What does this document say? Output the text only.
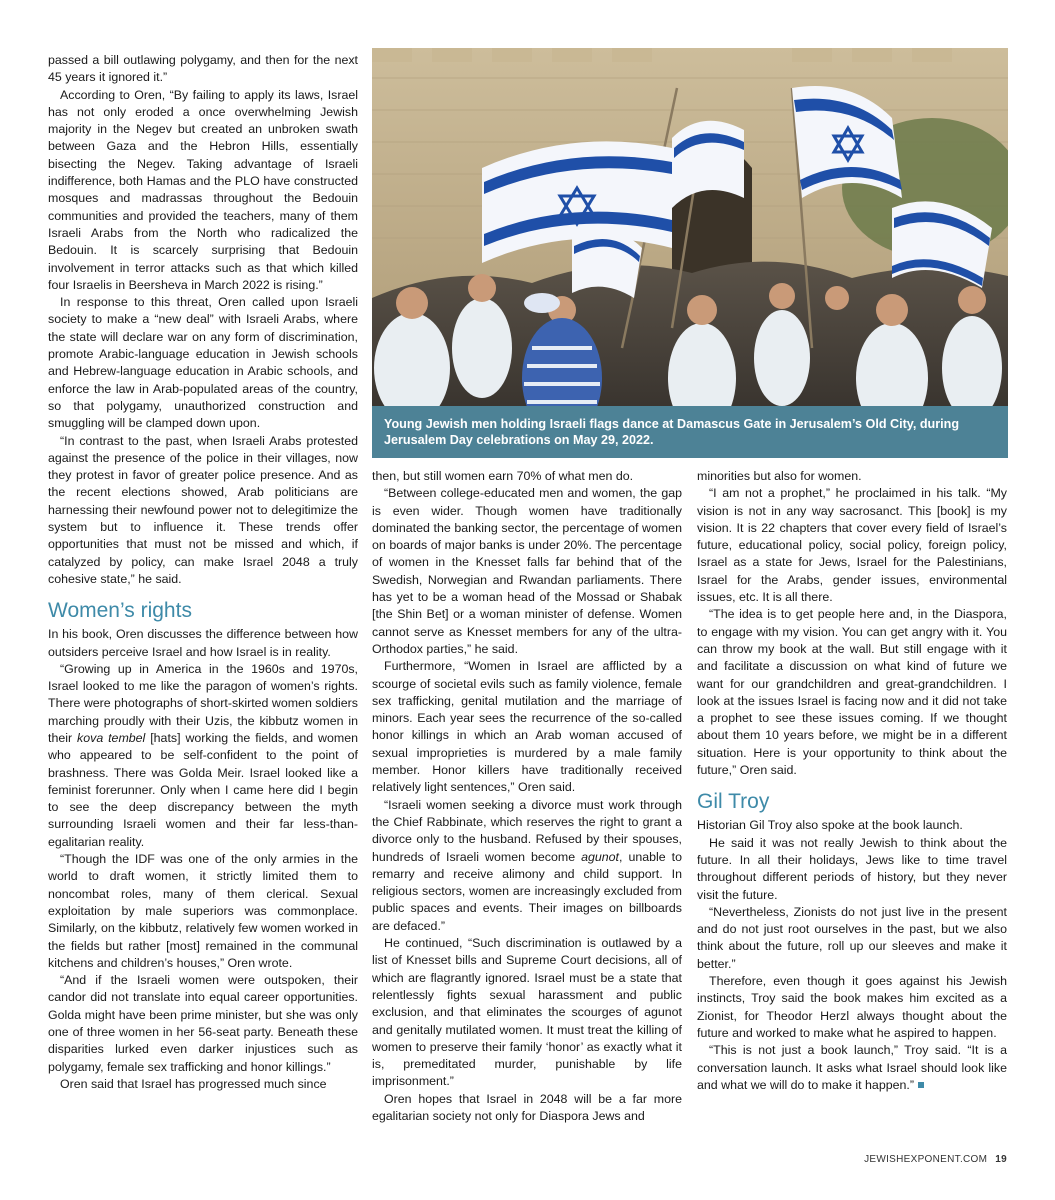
passed a bill outlawing polygamy, and then for the next 45 years it ignored it.”

According to Oren, “By failing to apply its laws, Israel has not only eroded a once overwhelming Jewish majority in the Negev but created an unbroken swath between Gaza and the Hebron Hills, essentially bisecting the Negev. Taking advantage of Israeli indifference, both Hamas and the PLO have constructed mosques and madrassas throughout the Bedouin communities and provided the teachers, many of them Israeli Arabs from the North who radicalized the Bedouin. It is scarcely surprising that Bedouin involvement in terror attacks such as that which killed four Israelis in Beersheva in March 2022 is rising.”

In response to this threat, Oren called upon Israeli society to make a “new deal” with Israeli Arabs, where the state will declare war on any form of discrimination, promote Arabic-language education in Jewish schools and Hebrew-language education in Arabic schools, and enforce the law in Arab-populated areas of the country, so that polygamy, unauthorized construction and smuggling will be clamped down upon.

“In contrast to the past, when Israeli Arabs protested against the presence of the police in their villages, now they protest in favor of greater police presence. And as the recent elections showed, Arab politicians are harnessing their newfound power not to delegitimize the system but to influence it. These trends offer opportunities that must not be missed and which, if catalyzed by policy, can make Israel 2048 a truly cohesive state,” he said.

Women’s rights

In his book, Oren discusses the difference between how outsiders perceive Israel and how Israel is in reality.

“Growing up in America in the 1960s and 1970s, Israel looked to me like the paragon of women’s rights. There were photographs of short-skirted women soldiers marching proudly with their Uzis, the kibbutz women in their kova tembel [hats] working the fields, and women who appeared to be self-confident to the point of brashness. There was Golda Meir. Israel looked like a feminist forerunner. Only when I came here did I begin to see the deep discrepancy between the myth surrounding Israeli women and their far less-than-egalitarian reality.

“Though the IDF was one of the only armies in the world to draft women, it strictly limited them to noncombat roles, many of them clerical. Sexual exploitation by male superiors was commonplace. Similarly, on the kibbutz, relatively few women worked in the fields but rather [most] remained in the communal kitchens and children’s houses,” Oren wrote.

“And if the Israeli women were outspoken, their candor did not translate into equal career opportunities. Golda might have been prime minister, but she was only one of three women in her 56-seat party. Beneath these disparities lurked even darker injustices such as polygamy, female sex trafficking and honor killings.”

Oren said that Israel has progressed much since

Young Jewish men holding Israeli flags dance at Damascus Gate in Jerusalem’s Old City, during Jerusalem Day celebrations on May 29, 2022.

then, but still women earn 70% of what men do.

“Between college-educated men and women, the gap is even wider. Though women have traditionally dominated the banking sector, the percentage of women on boards of major banks is under 20%. The percentage of women in the Knesset falls far behind that of the Swedish, Norwegian and Rwandan parliaments. There has yet to be a woman head of the Mossad or Shabak [the Shin Bet] or a woman minister of defense. Women cannot serve as Knesset members for any of the ultra-Orthodox parties,” he said.

Furthermore, “Women in Israel are afflicted by a scourge of societal evils such as family violence, female sex trafficking, genital mutilation and the marriage of minors. Each year sees the recurrence of the so-called honor killings in which an Arab woman accused of sexual improprieties is murdered by a male family member. Honor killers have traditionally received relatively light sentences,” Oren said.

“Israeli women seeking a divorce must work through the Chief Rabbinate, which reserves the right to grant a divorce only to the husband. Refused by their spouses, hundreds of Israeli women become agunot, unable to remarry and receive alimony and child support. In religious sectors, women are increasingly excluded from public spaces and events. Their images on billboards are defaced.”

He continued, “Such discrimination is outlawed by a list of Knesset bills and Supreme Court decisions, all of which are flagrantly ignored. Israel must be a state that relentlessly fights sexual harassment and public exclusion, and that eliminates the scourges of agunot and genitally mutilated women. It must treat the killing of women to preserve their family ‘honor’ as exactly what it is, premeditated murder, punishable by life imprisonment.”

Oren hopes that Israel in 2048 will be a far more egalitarian society not only for Diaspora Jews and

minorities but also for women.

“I am not a prophet,” he proclaimed in his talk. “My vision is not in any way sacrosanct. This [book] is my vision. It is 22 chapters that cover every field of Israel’s future, educational policy, social policy, foreign policy, Israel as a state for Jews, Israel for the Palestinians, Israel for the Arabs, gender issues, environmental issues, etc. It is all there.

“The idea is to get people here and, in the Diaspora, to engage with my vision. You can get angry with it. You can throw my book at the wall. But still engage with it and facilitate a discussion on what kind of future we want for our grandchildren and great-grandchildren. I look at the issues Israel is facing now and it did not take a prophet to see these issues coming. If we thought about them 10 years before, we might be in a different situation. Here is your opportunity to think about the future,” Oren said.

Gil Troy

Historian Gil Troy also spoke at the book launch.

He said it was not really Jewish to think about the future. In all their holidays, Jews like to time travel throughout different periods of history, but they never visit the future.

“Nevertheless, Zionists do not just live in the present and do not just root ourselves in the past, but we also think about the future, roll up our sleeves and make it better.”

Therefore, even though it goes against his Jewish instincts, Troy said the book makes him excited as a Zionist, for Theodor Herzl always thought about the future and worked to make what he aspired to happen.

“This is not just a book launch,” Troy said. “It is a conversation launch. It asks what Israel should look like and what we will do to make it happen.”

JEWISHEXPONENT.COM 19
